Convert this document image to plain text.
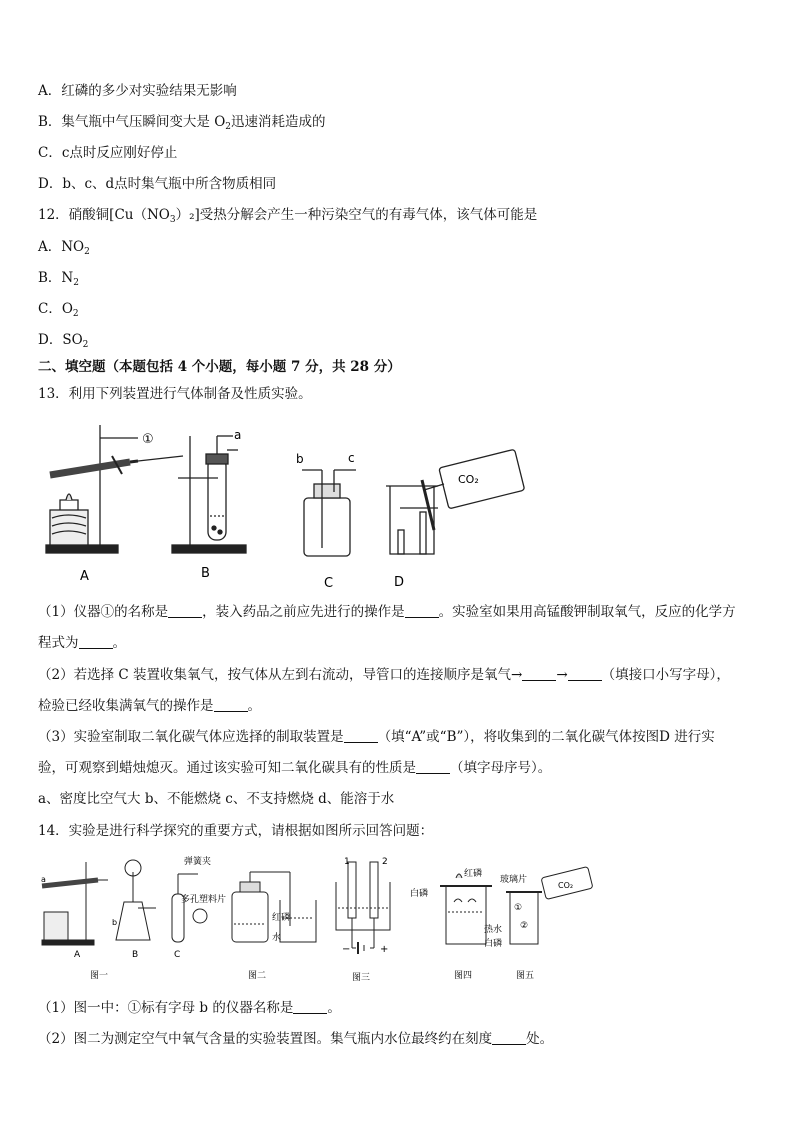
A．红磷的多少对实验结果无影响
B．集气瓶中气压瞬间变大是 $O_2$迅速消耗造成的
C．c点时反应刚好停止
D．b、c、d点时集气瓶中所含物质相同
12．硝酸铜$[Cu(NO_3)_2]$受热分解会产生一种污染空气的有毒气体，该气体可能是
A．$NO_2$
B．$N_2$
C．$O_2$
D．$SO_2$
二、填空题（本题包括 4 个小题，每小题 7 分，共 28 分）
13．利用下列装置进行气体制备及性质实验。
①	a
b	c
CO₂
A	B
C	D
（1）仪器①的名称是	，装入药品之前应先进行的操作是	。实验室如果用高锰酸钾制取氧气，反应的化学方
程式为	。
（2）若选择 C 装置收集氧气，按气体从左到右流动，导管口的连接顺序是氧气→	→	（填接口小写字母），
检验已经收集满氧气的操作是	。
（3）实验室制取二氧化碳气体应选择的制取装置是	（填“A”或“B”），将收集到的二氧化碳气体按图D 进行实
验，可观察到蜡烛熄灭。通过该实验可知二氧化碳具有的性质是	（填字母序号）。
a、密度比空气大 b、不能燃烧 c、不支持燃烧 d、能溶于水
14．实验是进行科学探究的重要方式，请根据如图所示回答问题：
a
b
弹簧夹
多孔塑料片
红磷
水
1	2
−	+
白磷
红磷
热水
白磷
玻璃片
CO₂
①
②
A	B	C
图一	图二	图三	图四	图五
（1）图一中：①标有字母 b 的仪器名称是	。
（2）图二为测定空气中氧气含量的实验装置图。集气瓶内水位最终约在刻度	处。
